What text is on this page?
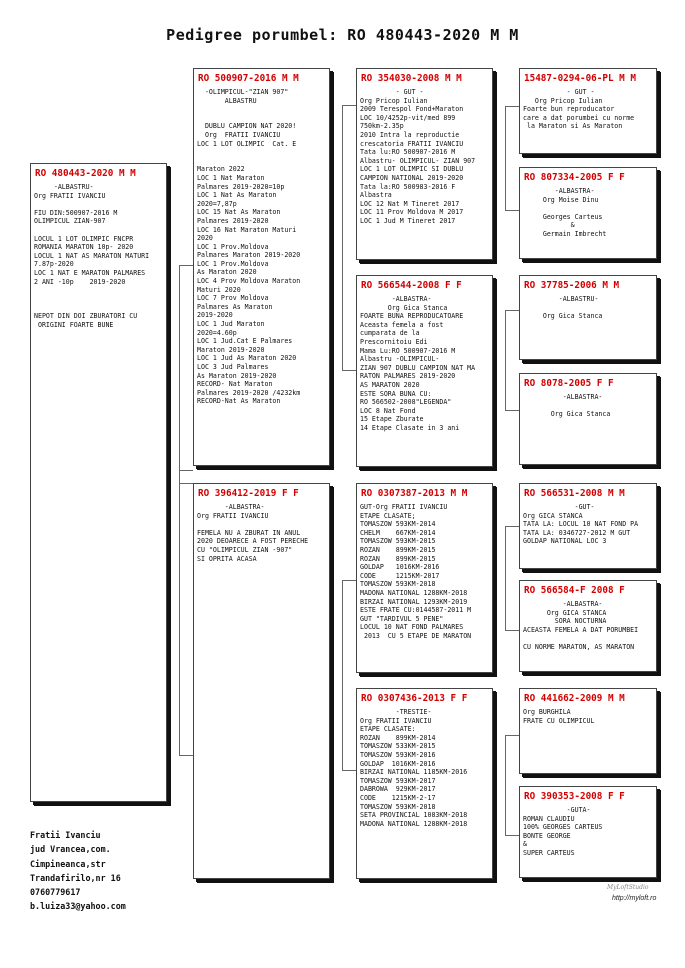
Pedigree porumbel: RO 480443-2020 M M
RO 480443-2020 M M
-ALBASTRU-
Org FRATII IVANCIU

FIU DIN:500907-2016 M
OLIMPICUL ZIAN-907

LOCUL 1 LOT OLIMPIC FNCPR
ROMANIA MARATON 10p- 2020
LOCUL 1 NAT AS MARATON MATURI
7.87p-2020
LOC 1 NAT E MARATON PALMARES
2 ANI -10p    2019-2020

NEPOT DIN DOI ZBURATORI CU
ORIGINI FOARTE BUNE
RO 500907-2016 M M
-OLIMPICUL-"ZIAN 907"
ALBASTRU

DUBLU CAMPION NAT 2020!
Org  FRATII IVANCIU
LOC 1 LOT OLIMPIC  Cat. E

Maraton 2022
LOC 1 Nat Maraton
Palmares 2019-2020=10p
LOC 1 Nat As Maraton
2020=7,87p
LOC 15 Nat As Maraton
Palmares 2019-2020
LOC 16 Nat Maraton Maturi
2020
LOC 1 Prov.Moldova
Palmares Maraton 2019-2020
LOC 1 Prov.Moldova
As Maraton 2020
LOC 4 Prov Moldova Maraton
Maturi 2020
LOC 7 Prov Moldova
Palmares As Maraton
2019-2020
LOC 1 Jud Maraton
2020=4.60p
LOC 1 Jud.Cat E Palmares
Maraton 2019-2020
LOC 1 Jud As Maraton 2020
LOC 3 Jud Palmares
As Maraton 2019-2020
RECORD- Nat Maraton
Palmares 2019-2020 /4232km
RECORD-Nat As Maraton
RO 396412-2019 F F
-ALBASTRA-
Org FRATII IVANCIU

FEMELA NU A ZBURAT IN ANUL
2020 DEOARECE A FOST PERECHE
CU "OLIMPICUL ZIAN -907"
SI OPRITA ACASA
RO 354030-2008 M M
- GUT -
Org Pricop Iulian
2009 Terespol Fond+Maraton
LOC 10/4252p-vit/med 899
750km-2.35p
2010 Intra la reproductie
crescatoria FRATII IVANCIU
Tata lu:RO 500907-2016 M
Albastru- OLIMPICUL- ZIAN 907
LOC 1 LOT OLIMPIC SI DUBLU
CAMPION NATIONAL 2019-2020
Tata la:RO 500983-2016 F
Albastra
LOC 12 Nat M Tineret 2017
LOC 11 Prov Moldova M 2017
LOC 1 Jud M Tineret 2017
RO 566544-2008 F F
-ALBASTRA-
Org Gica Stanca
FOARTE BUNA REPRODUCATOARE
Aceasta femela a fost
cumparata de la
Prescornitoiu Edi
Mama Lu:RO 500907-2016 M
Albastru -OLIMPICUL-
ZIAN 907 DUBLU CAMPION NAT MA
RATON PALMARES 2019-2020
AS MARATON 2020
ESTE SORA BUNA CU:
RO 566502-2008"LEGENDA"
LOC 8 Nat Fond
15 Etape Zburate
14 Etape Clasate in 3 ani
RO 0307387-2013 M M
GUT-Org FRATII IVANCIU
ETAPE CLASATE;
TOMASZOW 593KM-2014
CHELM    667KM-2014
TOMASZOW 593KM-2015
ROZAN    899KM-2015
ROZAN    899KM-2015
GOLDAP   1016KM-2016
CODE     1215KM-2017
TOMASZOW 593KM-2018
MADONA NATIONAL 1288KM-2018
BIRZAI NATIONAL 1293KM-2019
ESTE FRATE CU:0144587-2011 M
GUT "TARDIVUL 5 PENE"
LOCUL 10 NAT FOND PALMARES
2013  CU 5 ETAPE DE MARATON
RO 0307436-2013 F F
-TRESTIE-
Org FRATII IVANCIU
ETAPE CLASATE:
ROZAN    899KM-2014
TOMASZOW 533KM-2015
TOMASZOW 593KM-2016
GOLDAP  1016KM-2016
BIRZAI NATIONAL 1185KM-2016
TOMASZOW 593KM-2017
DABROWA  929KM-2017
CODE    1215KM-2-17
TOMASZOW 593KM-2018
SETA PROVINCIAL 1083KM-2018
MADONA NATIONAL 1288KM-2018
15487-0294-06-PL M M
- GUT -
Org Pricop Iulian
Foarte bun reproducator
care a dat porumbei cu norme
la Maraton si As Maraton
RO 807334-2005 F F
-ALBASTRA-
Org Moise Dinu

Georges Carteus
&
Germain Imbrecht
RO 37785-2006 M M
-ALBASTRU-

Org Gica Stanca
RO 8078-2005 F F
-ALBASTRA-

Org Gica Stanca
RO 566531-2008 M M
-GUT-
Org GICA STANCA
TATA LA: LOCUL 10 NAT FOND PA
TATA LA: 0346727-2012 M GUT
GOLDAP NATIONAL LOC 3
RO 566584-F 2008 F
-ALBASTRA-
Org GICA STANCA
SORA NOCTURNA
ACEASTA FEMELA A DAT PORUMBEI

CU NORME MARATON, AS MARATON
RO 441662-2009 M M
Org BURGHILA
FRATE CU OLIMPICUL
RO 390353-2008 F F
-GUTA-
ROMAN CLAUDIU
100% GEORGES CARTEUS
BONTE GEORGE
&
SUPER CARTEUS
Fratii Ivanciu
jud Vrancea,com.
Cimpineanca,str
Trandafirilo,nr 16
0760779617
b.luiza33@yahoo.com
MyLoftStudio
http://myloft.ro
